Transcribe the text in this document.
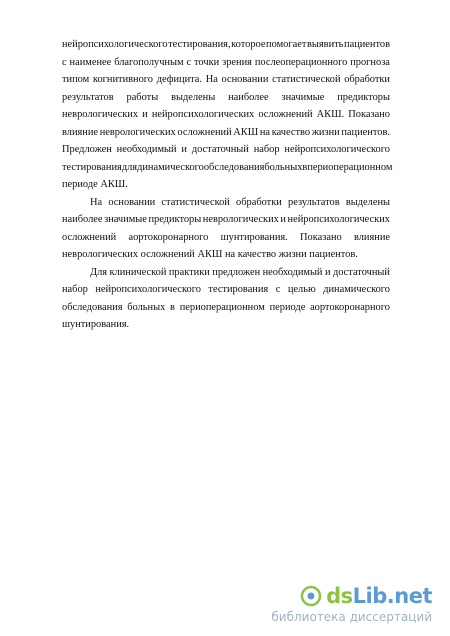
нейропсихологического тестирования, которое помогает выявить пациентов
с наименее благополучным с точки зрения послеоперационного прогноза
типом когнитивного дефицита. На основании статистической обработки
результатов работы выделены наиболее значимые предикторы
неврологических и нейропсихологических осложнений АКШ. Показано
влияние неврологических осложнений АКШ на качество жизни пациентов.
Предложен необходимый и достаточный набор нейропсихологического
тестирования для динамического обследования больных в периоперационном
периоде АКШ.
На основании статистической обработки результатов выделены
наиболее значимые предикторы неврологических и нейропсихологических
осложнений аортокоронарного шунтирования. Показано влияние
неврологических осложнений АКШ на качество жизни пациентов.
Для клинической практики предложен необходимый и достаточный
набор нейропсихологического тестирования с целью динамического
обследования больных в периоперационном периоде аортокоронарного
шунтирования.
dsLib.net
библиотека диссертаций
